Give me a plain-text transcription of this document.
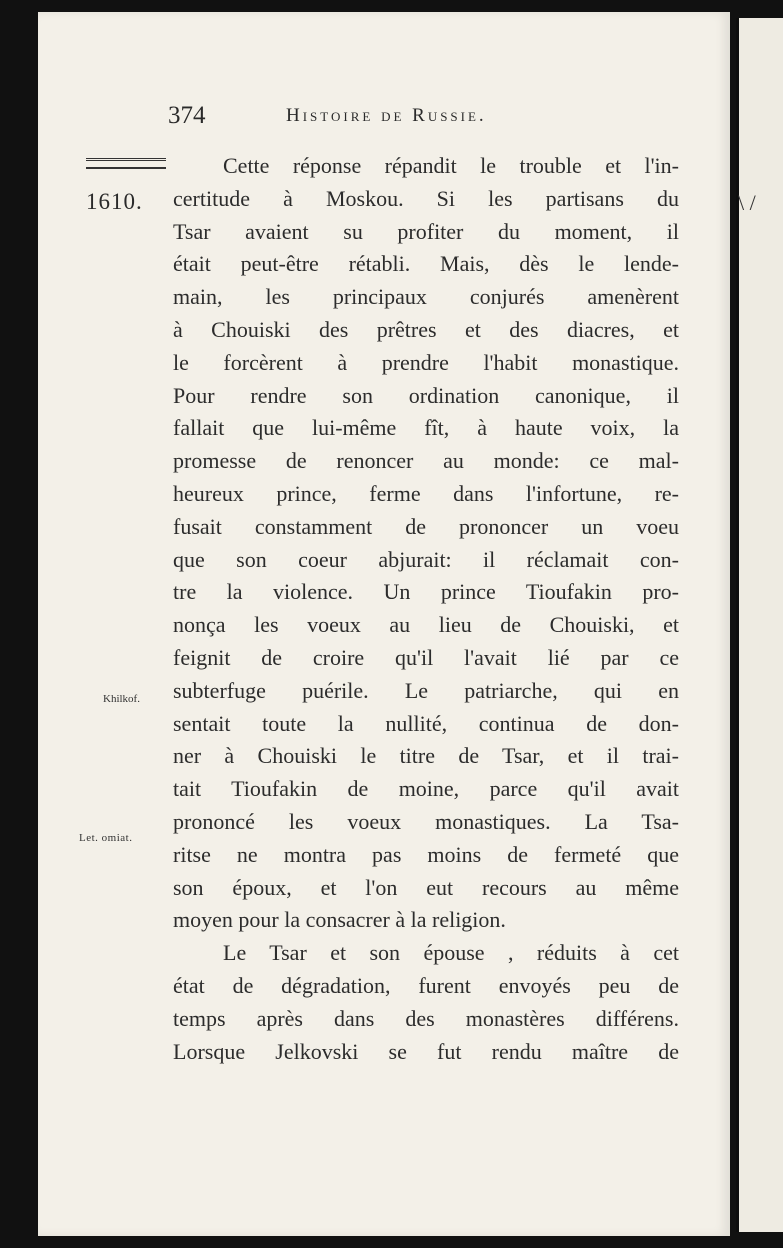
\ /
374	Histoire de Russie.
1610.
Khilkof.
Let. omiat.
Cette réponse répandit le trouble et l'in-
certitude à Moskou. Si les partisans du
Tsar avaient su profiter du moment, il
était peut-être rétabli. Mais, dès le lende-
main, les principaux conjurés amenèrent
à Chouiski des prêtres et des diacres, et
le forcèrent à prendre l'habit monastique.
Pour rendre son ordination canonique, il
fallait que lui-même fît, à haute voix, la
promesse de renoncer au monde: ce mal-
heureux prince, ferme dans l'infortune, re-
fusait constamment de prononcer un voeu
que son coeur abjurait: il réclamait con-
tre la violence. Un prince Tioufakin pro-
nonça les voeux au lieu de Chouiski, et
feignit de croire qu'il l'avait lié par ce
subterfuge puérile. Le patriarche, qui en
sentait toute la nullité, continua de don-
ner à Chouiski le titre de Tsar, et il trai-
tait Tioufakin de moine, parce qu'il avait
prononcé les voeux monastiques. La Tsa-
ritse ne montra pas moins de fermeté que
son époux, et l'on eut recours au même
moyen pour la consacrer à la religion.
Le Tsar et son épouse , réduits à cet
état de dégradation, furent envoyés peu de
temps après dans des monastères différens.
Lorsque Jelkovski se fut rendu maître de
